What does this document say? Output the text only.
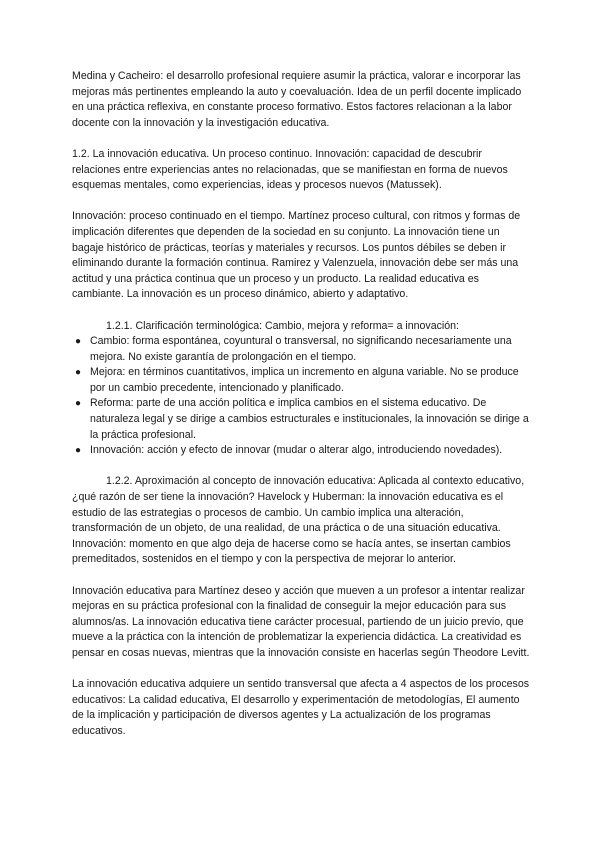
Medina y Cacheiro: el desarrollo profesional requiere asumir la práctica, valorar e incorporar las mejoras más pertinentes empleando la auto y coevaluación. Idea de un perfil docente implicado en una práctica reflexiva, en constante proceso formativo. Estos factores relacionan a la labor docente con la innovación y la investigación educativa.

1.2. La innovación educativa. Un proceso continuo. Innovación: capacidad de descubrir relaciones entre experiencias antes no relacionadas, que se manifiestan en forma de nuevos esquemas mentales, como experiencias, ideas y procesos nuevos (Matussek).

Innovación: proceso continuado en el tiempo. Martínez proceso cultural, con ritmos y formas de implicación diferentes que dependen de la sociedad en su conjunto. La innovación tiene un bagaje histórico de prácticas, teorías y materiales y recursos. Los puntos débiles se deben ir eliminando durante la formación continua. Ramirez y Valenzuela, innovación debe ser más una actitud y una práctica continua que un proceso y un producto. La realidad educativa es cambiante. La innovación es un proceso dinámico, abierto y adaptativo.

1.2.1. Clarificación terminológica: Cambio, mejora y reforma= a innovación:

● Cambio: forma espontánea, coyuntural o transversal, no significando necesariamente una mejora. No existe garantía de prolongación en el tiempo.
● Mejora: en términos cuantitativos, implica un incremento en alguna variable. No se produce por un cambio precedente, intencionado y planificado.
● Reforma: parte de una acción política e implica cambios en el sistema educativo. De naturaleza legal y se dirige a cambios estructurales e institucionales, la innovación se dirige a la práctica profesional.
● Innovación: acción y efecto de innovar (mudar o alterar algo, introduciendo novedades).

1.2.2. Aproximación al concepto de innovación educativa: Aplicada al contexto educativo, ¿qué razón de ser tiene la innovación? Havelock y Huberman: la innovación educativa es el estudio de las estrategias o procesos de cambio. Un cambio implica una alteración, transformación de un objeto, de una realidad, de una práctica o de una situación educativa. Innovación: momento en que algo deja de hacerse como se hacía antes, se insertan cambios premeditados, sostenidos en el tiempo y con la perspectiva de mejorar lo anterior.

Innovación educativa para Martínez deseo y acción que mueven a un profesor a intentar realizar mejoras en su práctica profesional con la finalidad de conseguir la mejor educación para sus alumnos/as. La innovación educativa tiene carácter procesual, partiendo de un juicio previo, que mueve a la práctica con la intención de problematizar la experiencia didáctica. La creatividad es pensar en cosas nuevas, mientras que la innovación consiste en hacerlas según Theodore Levitt.

La innovación educativa adquiere un sentido transversal que afecta a 4 aspectos de los procesos educativos: La calidad educativa, El desarrollo y experimentación de metodologías, El aumento de la implicación y participación de diversos agentes y La actualización de los programas educativos.
